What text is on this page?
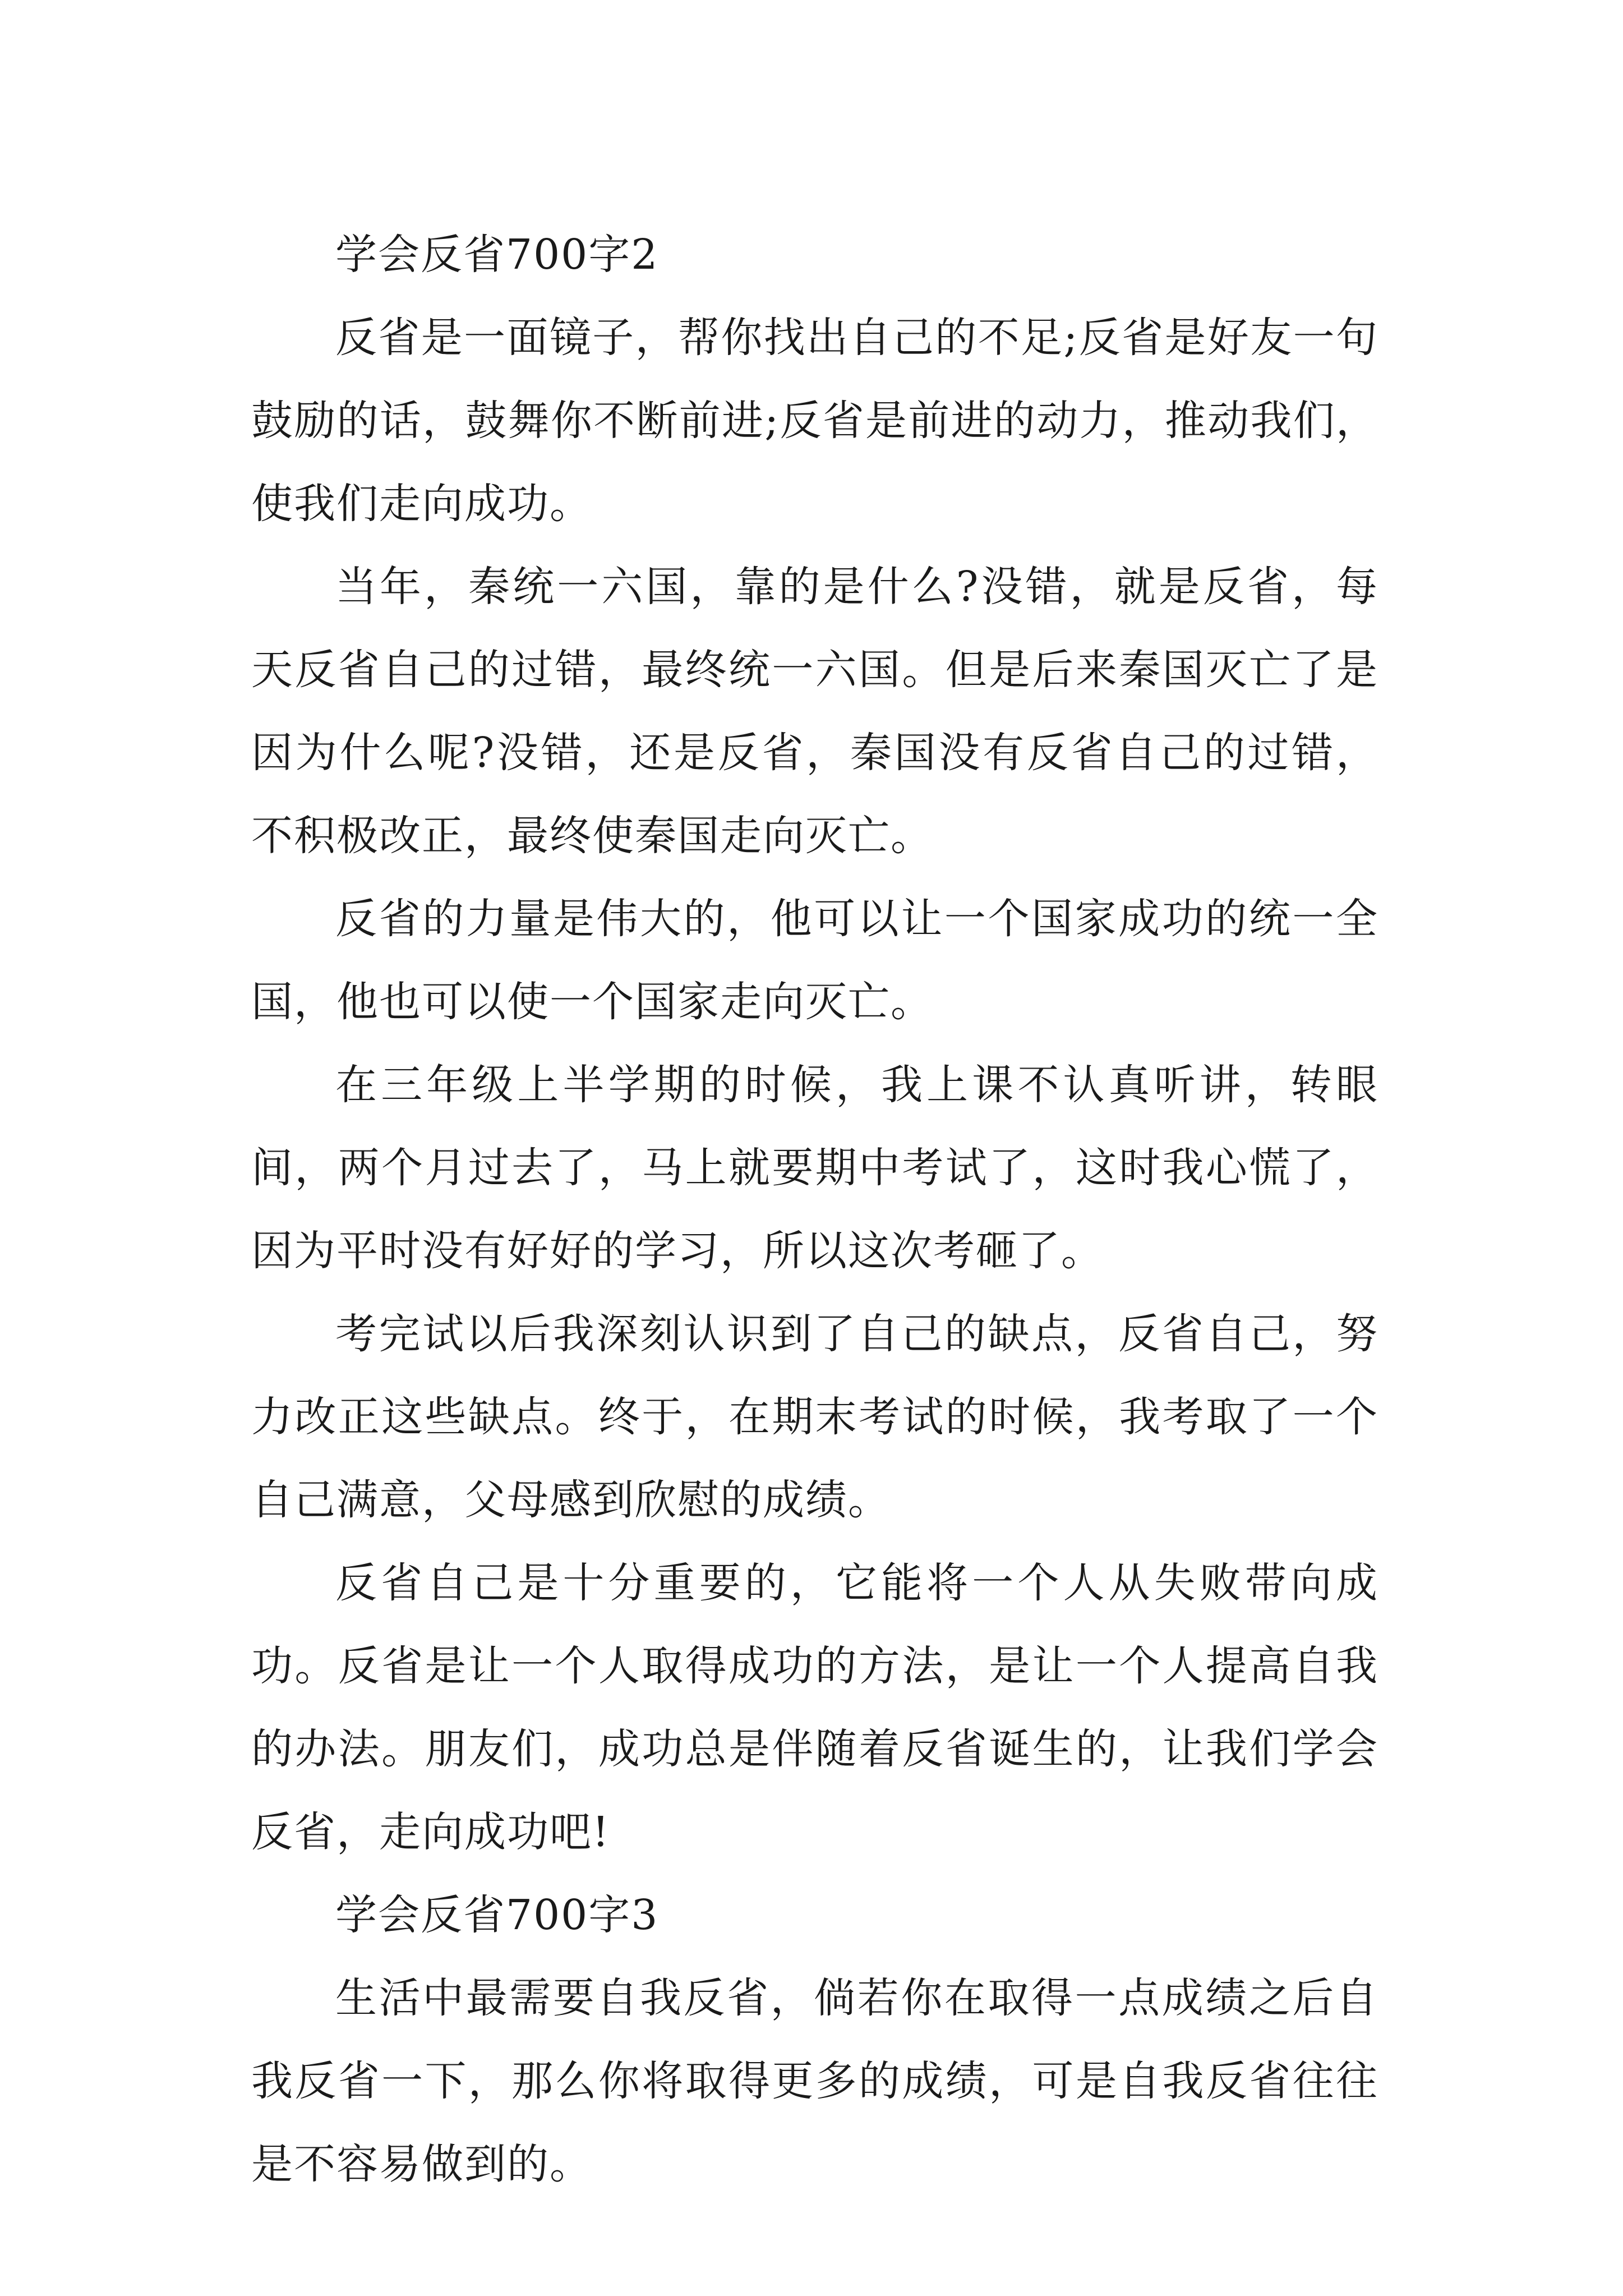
学会反省700字2

反省是一面镜子，帮你找出自己的不足;反省是好友一句鼓励的话，鼓舞你不断前进;反省是前进的动力，推动我们，使我们走向成功。

当年，秦统一六国，靠的是什么?没错，就是反省，每天反省自己的过错，最终统一六国。但是后来秦国灭亡了是因为什么呢?没错，还是反省，秦国没有反省自己的过错，不积极改正，最终使秦国走向灭亡。

反省的力量是伟大的，他可以让一个国家成功的统一全国，他也可以使一个国家走向灭亡。

在三年级上半学期的时候，我上课不认真听讲，转眼间，两个月过去了，马上就要期中考试了，这时我心慌了，因为平时没有好好的学习，所以这次考砸了。

考完试以后我深刻认识到了自己的缺点，反省自己，努力改正这些缺点。终于，在期末考试的时候，我考取了一个自己满意，父母感到欣慰的成绩。

反省自己是十分重要的，它能将一个人从失败带向成功。反省是让一个人取得成功的方法，是让一个人提高自我的办法。朋友们，成功总是伴随着反省诞生的，让我们学会反省，走向成功吧!

学会反省700字3

生活中最需要自我反省，倘若你在取得一点成绩之后自我反省一下，那么你将取得更多的成绩，可是自我反省往往是不容易做到的。
